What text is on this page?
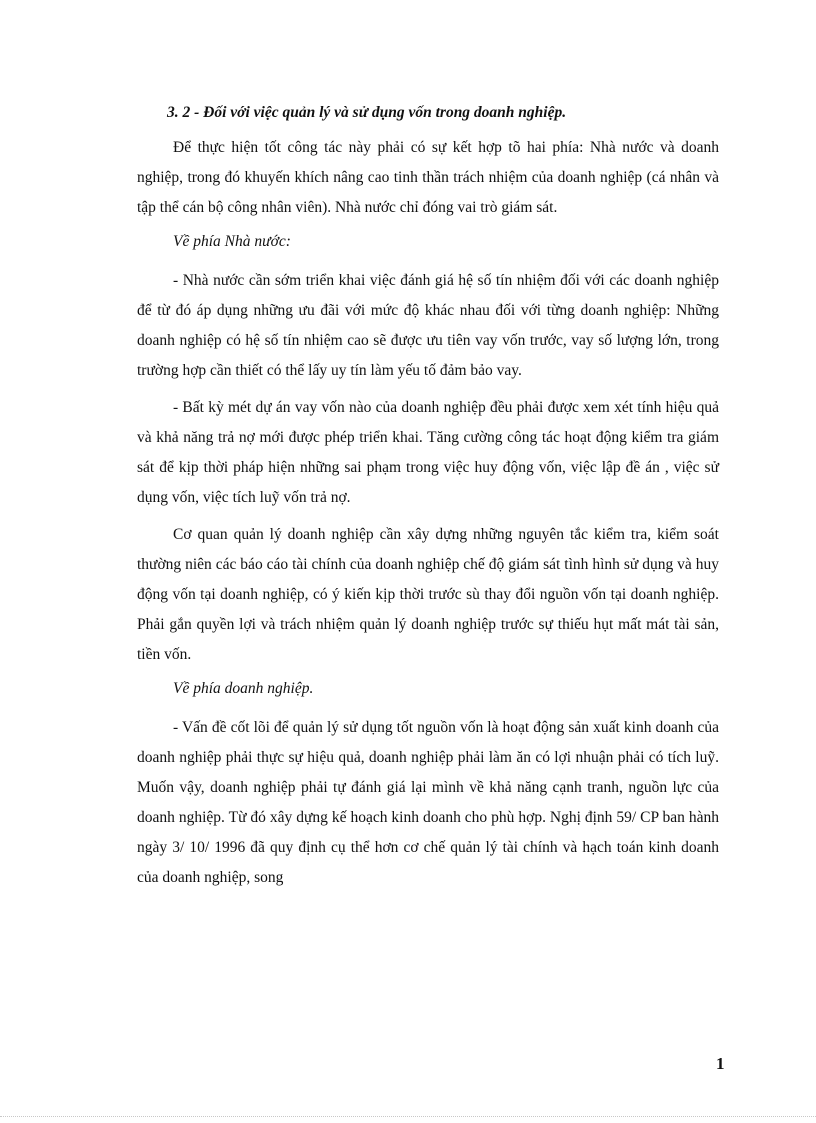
3. 2 - Đối với việc quản lý và sử dụng vốn trong doanh nghiệp.

Để thực hiện tốt công tác này phải có sự kết hợp tõ hai phía: Nhà nước và doanh nghiệp, trong đó khuyến khích nâng cao tinh thần trách nhiệm của doanh nghiệp (cá nhân và tập thể cán bộ công nhân viên). Nhà nước chỉ đóng vai trò giám sát.

Về phía Nhà nước:

- Nhà nước cần sớm triển khai việc đánh giá hệ số tín nhiệm đối với các doanh nghiệp để từ đó áp dụng những ưu đãi với mức độ khác nhau đối với từng doanh nghiệp: Những doanh nghiệp có hệ số tín nhiệm cao sẽ được ưu tiên vay vốn trước, vay số lượng lớn, trong trường hợp cần thiết có thể lấy uy tín làm yếu tố đảm bảo vay.

- Bất kỳ mét dự án vay vốn nào của doanh nghiệp đều phải được xem xét tính hiệu quả và khả năng trả nợ mới được phép triển khai. Tăng cường công tác hoạt động kiểm tra giám sát để kịp thời pháp hiện những sai phạm trong việc huy động vốn, việc lập đề án , việc sử dụng vốn, việc tích luỹ vốn trả nợ.

Cơ quan quản lý doanh nghiệp cần xây dựng những nguyên tắc kiểm tra, kiểm soát thường niên các báo cáo tài chính của doanh nghiệp chế độ giám sát tình hình sử dụng và huy động vốn tại doanh nghiệp, có ý kiến kịp thời trước sù thay đổi nguồn vốn tại doanh nghiệp. Phải gắn quyền lợi và trách nhiệm quản lý doanh nghiệp trước sự thiếu hụt mất mát tài sản, tiền vốn.

Về phía doanh nghiệp.

- Vấn đề cốt lõi để quản lý sử dụng tốt nguồn vốn là hoạt động sản xuất kinh doanh của doanh nghiệp phải thực sự hiệu quả, doanh nghiệp phải làm ăn có lợi nhuận phải có tích luỹ. Muốn vậy, doanh nghiệp phải tự đánh giá lại mình về khả năng cạnh tranh, nguồn lực của doanh nghiệp. Từ đó xây dựng kế hoạch kinh doanh cho phù hợp. Nghị định 59/ CP ban hành ngày 3/ 10/ 1996 đã quy định cụ thể hơn cơ chế quản lý tài chính và hạch toán kinh doanh của doanh nghiệp, song

1
